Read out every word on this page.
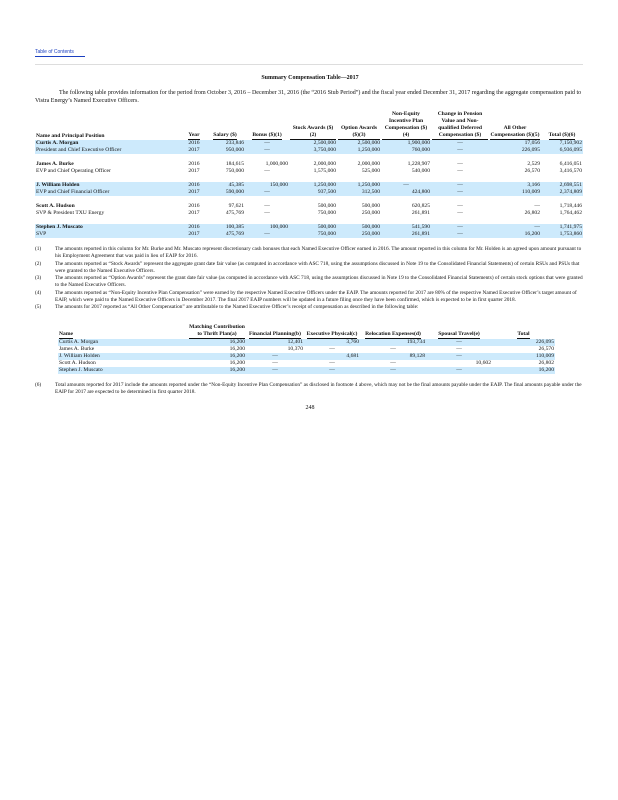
Table of Contents
Summary Compensation Table—2017
The following table provides information for the period from October 3, 2016 – December 31, 2016 (the “2016 Stub Period”) and the fiscal year ended December 31, 2017 regarding the aggregate compensation paid to Vistra Energy’s Named Executive Officers.
Name and Principal Position	Year	Salary ($)	Bonus ($)(1)	Stock Awards ($)(2)	Option Awards ($)(3)	Non-Equity Incentive Plan Compensation ($)(4)	Change in Pension Value and Non-qualified Deferred Compensation ($)	All Other Compensation ($)(5)	Total ($)(6)
Curtis A. Morgan	2016	233,846	—	2,500,000	2,500,000	1,900,000	—	17,056	7,150,902
President and Chief Executive Officer	2017	950,000	—	3,750,000	1,250,000	760,000	—	226,095	6,936,095

James A. Burke	2016	184,615	1,000,000	2,000,000	2,000,000	1,228,907	—	2,529	6,416,051
EVP and Chief Operating Officer	2017	750,000	—	1,575,000	525,000	540,000	—	26,570	3,416,570

J. William Holden	2016	45,385	150,000	1,250,000	1,250,000	—	—	3,166	2,698,551
EVP and Chief Financial Officer	2017	590,000	—	937,500	312,500	424,800	—	110,009	2,374,809

Scott A. Hudson	2016	97,621	—	500,000	500,000	620,825	—	—	1,718,446
SVP & President TXU Energy	2017	475,769	—	750,000	250,000	261,891	—	26,802	1,764,462

Stephen J. Muscato	2016	100,385	100,000	500,000	500,000	541,590	—	—	1,741,975
SVP	2017	475,769	—	750,000	250,000	261,891	—	16,200	1,753,860
(1)	The amounts reported in this column for Mr. Burke and Mr. Muscato represent discretionary cash bonuses that each Named Executive Officer earned in 2016. The amount reported in this column for Mr. Holden is an agreed upon amount pursuant to his Employment Agreement that was paid in lieu of EAIP for 2016.
(2)	The amounts reported as “Stock Awards” represent the aggregate grant date fair value (as computed in accordance with ASC 718, using the assumptions discussed in Note 19 to the Consolidated Financial Statements) of certain RSUs and PSUs that were granted to the Named Executive Officers.
(3)	The amounts reported as “Option Awards” represent the grant date fair value (as computed in accordance with ASC 718, using the assumptions discussed in Note 19 to the Consolidated Financial Statements) of certain stock options that were granted to the Named Executive Officers.
(4)	The amounts reported as “Non-Equity Incentive Plan Compensation” were earned by the respective Named Executive Officers under the EAIP. The amounts reported for 2017 are 80% of the respective Named Executive Officer’s target amount of EAIP, which were paid to the Named Executive Officers in December 2017. The final 2017 EAIP numbers will be updated in a future filing once they have been confirmed, which is expected to be in first quarter 2018.
(5)	The amounts for 2017 reported as “All Other Compensation” are attributable to the Named Executive Officer’s receipt of compensation as described in the following table:
Name	Matching Contribution to Thrift Plan(a)	Financial Planning(b)	Executive Physical(c)	Relocation Expenses(d)	Spousal Travel(e)	Total
Curtis A. Morgan	16,200	12,401	3,760	193,734	—	226,095
James A. Burke	16,200	10,370	—	—	—	26,570
J. William Holden	16,200	—	4,681	89,128	—	110,009
Scott A. Hudson	16,200	—	—	—	10,602	26,802
Stephen J. Muscato	16,200	—	—	—	—	16,200
(6)	Total amounts reported for 2017 include the amounts reported under the “Non-Equity Incentive Plan Compensation” as disclosed in footnote 4 above, which may not be the final amounts payable under the EAIP. The final amounts payable under the EAIP for 2017 are expected to be determined in first quarter 2018.
248
